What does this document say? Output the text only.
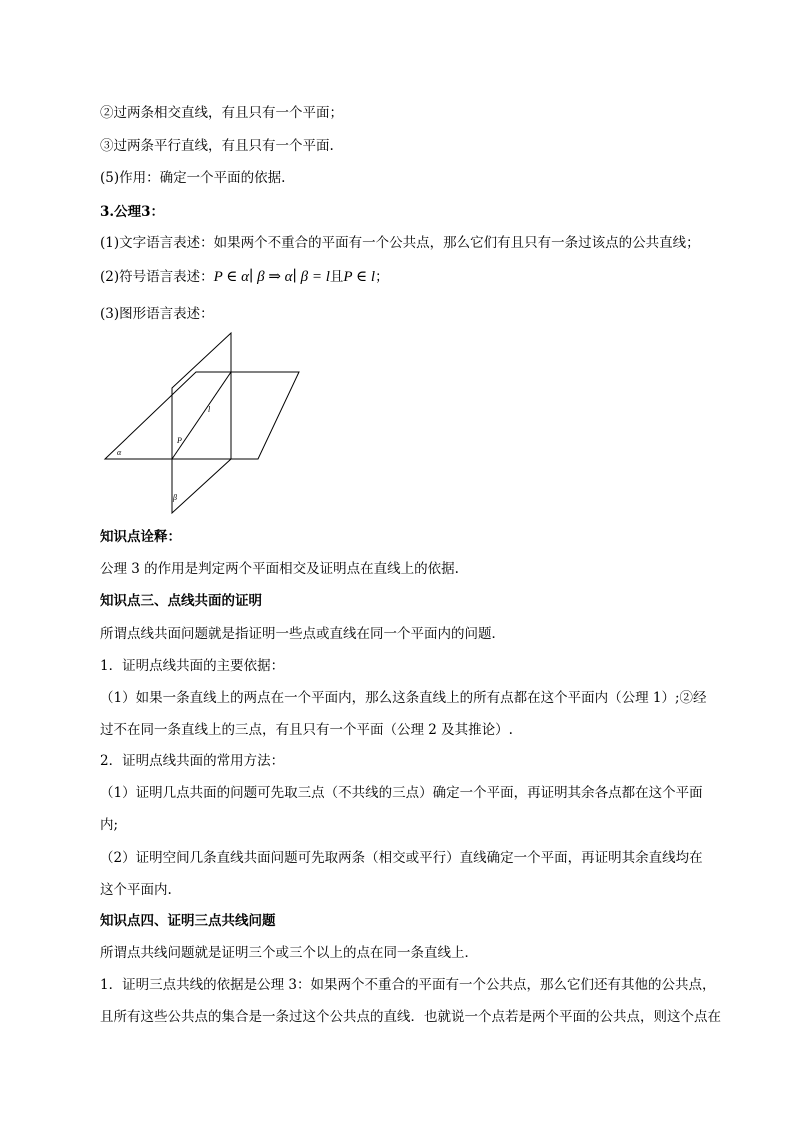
②过两条相交直线，有且只有一个平面；
③过两条平行直线，有且只有一个平面.
(5)作用：确定一个平面的依据.
3.公理3：
(1)文字语言表述：如果两个不重合的平面有一个公共点，那么它们有且只有一条过该点的公共直线；
(2)符号语言表述：P ∈ α∣ β ⇒ α∣ β = l且P ∈ l；
(3)图形语言表述：
l
P
α
β
知识点诠释：
公理 3 的作用是判定两个平面相交及证明点在直线上的依据.
知识点三、点线共面的证明
所谓点线共面问题就是指证明一些点或直线在同一个平面内的问题．
1．证明点线共面的主要依据：
（1）如果一条直线上的两点在一个平面内，那么这条直线上的所有点都在这个平面内（公理 1）;②经
过不在同一条直线上的三点，有且只有一个平面（公理 2 及其推论）.
2．证明点线共面的常用方法：
（1）证明几点共面的问题可先取三点（不共线的三点）确定一个平面，再证明其余各点都在这个平面
内;
（2）证明空间几条直线共面问题可先取两条（相交或平行）直线确定一个平面，再证明其余直线均在
这个平面内.
知识点四、证明三点共线问题
所谓点共线问题就是证明三个或三个以上的点在同一条直线上．
1．证明三点共线的依据是公理 3：如果两个不重合的平面有一个公共点，那么它们还有其他的公共点，
且所有这些公共点的集合是一条过这个公共点的直线．也就说一个点若是两个平面的公共点，则这个点在
